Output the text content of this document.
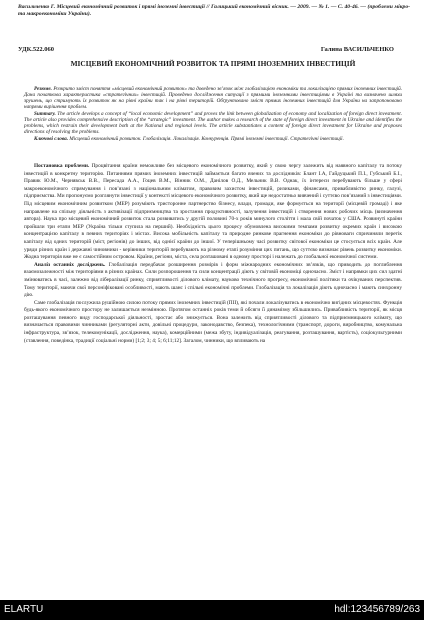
Васильченко Г. Місцевий економічний розвиток і прямі іноземні інвестиції // Галицький економічний вісник. — 2009. — № 1. — С. 40-46. — (проблеми мікро- та макроекономіки України).
УДК.522.060	Галина ВАСИЛЬЧЕНКО
МІСЦЕВИЙ ЕКОНОМІЧНИЙ РОЗВИТОК ТА ПРЯМІ ІНОЗЕМНИХ ІНВЕСТИЦІЙ

Резюме. Розкрито зміст поняття «місцевий економічний розвиток» та доведено зв’язок між глобалізацією економіки та локалізацією прямих іноземних інвестицій. Дана початкова характеристика «стратегічних» інвестицій. Проведено дослідження ситуації з прямими іноземними інвестиціями в Україні та визначено шляхи зрушень, що стримують їх розвиток як на рівні країни так і на рівні територій. Обґрунтовано зміст прямих іноземних інвестицій для України на запропоновано напрями вирішення проблем.

Summary. The article develops a concept of “local economic development” and proves the link between globalization of economy and localization of foreign direct investment. The article also provides comprehensive description of the “strategic” investment. The author makes a research of the state of foreign direct investment in Ukraine and identifies the problems, which restrain their development both at the National and regional levels. The article substantiates a content of foreign direct investment for Ukraine and proposes directions of resolving the problems.

Ключові слова. Місцевий економічний розвиток. Глобалізація. Локалізація. Конкуренція. Прямі іноземні інвестиції. Стратегічні інвестиції.

Постановка проблеми. Процвітання країни неможливе без місцевого економічного розвитку, який у свою чергу залежить від наявного капіталу та потоку інвестицій в конкретну територію. Питаннями прямих іноземних інвестицій займається багато вчених та дослідників: Блант І.А, Гайдуцький П.І., Губський Б.І., Правик Ю.М., Чернявськ В.В., Пересада А.А., Гоцев В.М., Вінник О.М., Данілов О.Д., Мельник В.В. Однак, їх інтереси перебувають більше у сфері макроекономічного спрямування і пов’язані з національним кліматом, правовим захистом інвестицій, ризиками, фінансами, привабливістю ринку, галузі, підприємства. Ми пропонуємо розглянути інвестиції у контексті місцевого економічного розвитку, який ще недостатньо вивчений і суттєво пов’язаний з інвестиціями. Під місцевим економічним розвитком (МЕР) розуміють тристоронне партнерство бізнесу, влади, громади, яке формується на території (місцевій громаді) і яке направлене на спільну діяльність з активізації підприємництва та зростання продуктивності, залучення інвестицій і створення нових робочих місць (визначення автора). Наука про місцевий економічний розвиток стала розвиватись у другій половині 70-х років минулого століття і мала свій початок у США. Розвинуті країни пройшли три етапи МЕР (Україна тільки ступила на перший). Необхідність цього процесу обумовлена високими темпами розвитку окремих країн і високою концентрацією капіталу в певних територіях і містах. Висока мобільність капіталу та природне ринкове прагнення економіки до рівноваги спричиняли перетік капіталу від одних територій (міст, регіонів) до інших, від однієї країни до іншої. У теперішньому часі розвитку світової економіки це стосується всіх країн. Але уряди різних країн і державні чиновники - керівники територій перебувають на різному етапі розуміння цих питань, що суттєво визначає рівень розвитку економіки. Жодна територія вже не є самостійним островом. Країни, регіони, міста, села розташовані в одному просторі і належать до глобальної економічної системи.

Аналіз останніх досліджень. Глобалізація передбачає розширення розмірів і форм міжнародних економічних зв’язків, що приводить до поглиблення взаємозалежності між територіями в різних країнах. Сили розпорошення та сили концентрації діють у світовій економіці одночасно. Зміст і напрямки цих сил здатні змінюватись в часі, залежно від лібералізації ринку, сприятливості ділового клімату, науково технічного прогресу, економічної політики та очікуваних перспектив. Тому території, маючи свої персоніфіковані особливості, мають шанс і спільні економічні проблеми. Глобалізація та локалізація діють одночасно і мають синхронну дію.

Саме глобалізація послужила рушійною силою потоку прямих іноземних інвестицій (ПІІ), які почали локалізуватись в економічно вигідних місцевостях. Функція будь-якого економічного простору не залишається незмінною. Протягом останніх років теми й обсяги її динамізму збільшились. Привабливість території, як місця розташування певного виду господарської діяльності, зростає або знижується. Вона залежить від сприятливості ділового та підприємницького клімату, що визначається правовими чинниками (регуляторні акти, довільні процедури, законодавство, безпека), технологічними (транспорт, дороги, виробництво, комунальна інфраструктура, зв’язок, телекомунікації, дослідження, наука), комерційними (межа збуту, індивідуалізація, реагування, розташування, вартість), соціокультурними (ставлення, поведінка, традиції соціальні норми) [1;2; 3; 4; 5; 6;11;12]. Загалом, чинники, що впливають на

ELARTU	hdl:123456789/263
